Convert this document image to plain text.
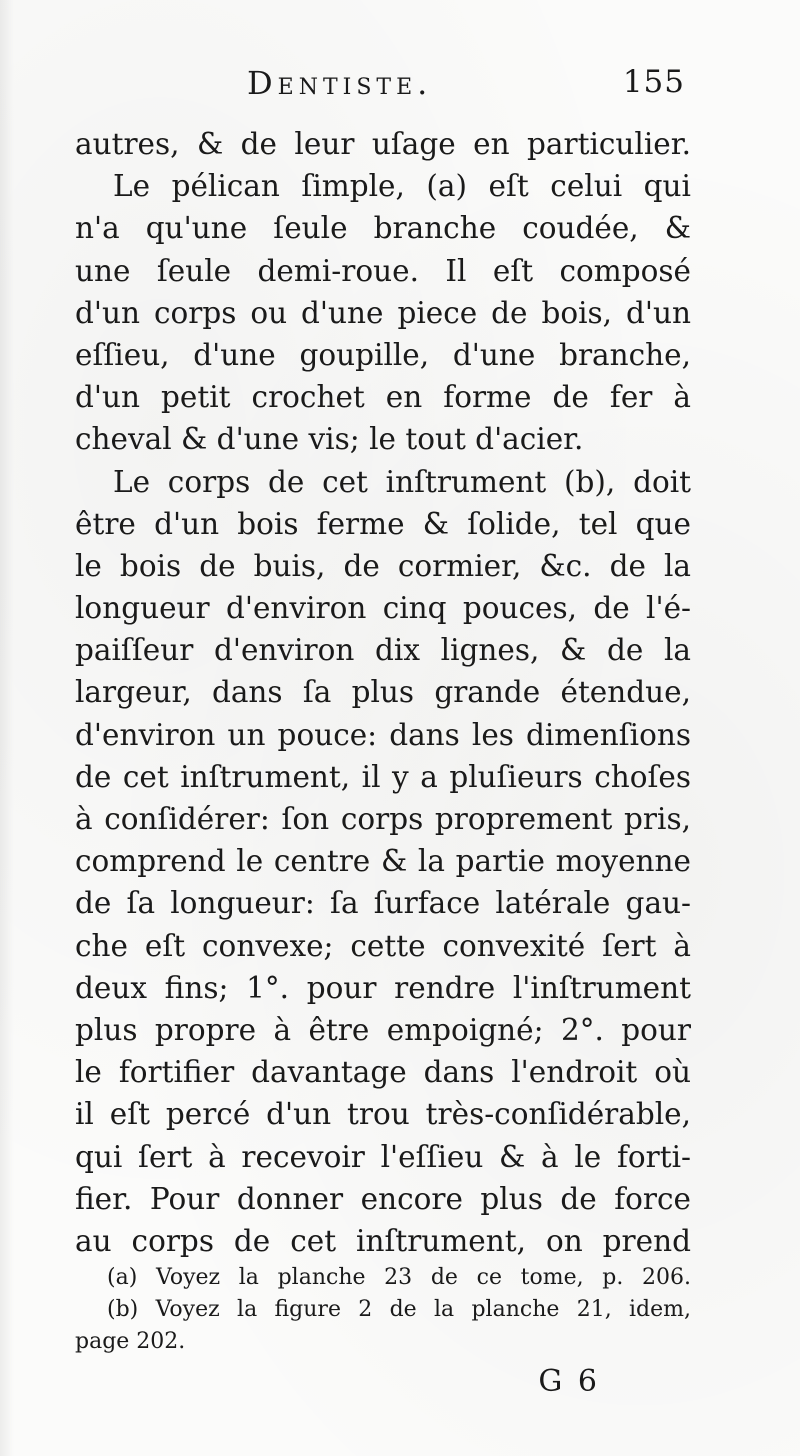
Dentiste.	155
autres, & de leur uſage en particulier.
Le pélican ſimple, (a) eſt celui qui
n'a qu'une ſeule branche coudée, &
une ſeule demi-roue. Il eſt composé
d'un corps ou d'une piece de bois, d'un
eſſieu, d'une goupille, d'une branche,
d'un petit crochet en forme de fer à
cheval & d'une vis; le tout d'acier.
Le corps de cet inſtrument (b), doit
être d'un bois ferme & ſolide, tel que
le bois de buis, de cormier, &c. de la
longueur d'environ cinq pouces, de l'é-
paiſſeur d'environ dix lignes, & de la
largeur, dans ſa plus grande étendue,
d'environ un pouce: dans les dimenſions
de cet inſtrument, il y a pluſieurs choſes
à conſidérer: ſon corps proprement pris,
comprend le centre & la partie moyenne
de ſa longueur: ſa ſurface latérale gau-
che eſt convexe; cette convexité ſert à
deux fins; 1°. pour rendre l'inſtrument
plus propre à être empoigné; 2°. pour
le fortifier davantage dans l'endroit où
il eſt percé d'un trou très-conſidérable,
qui ſert à recevoir l'eſſieu & à le forti-
fier. Pour donner encore plus de force
au corps de cet inſtrument, on prend
(a) Voyez la planche 23 de ce tome, p. 206.
(b) Voyez la figure 2 de la planche 21, idem,
page 202.
G 6
